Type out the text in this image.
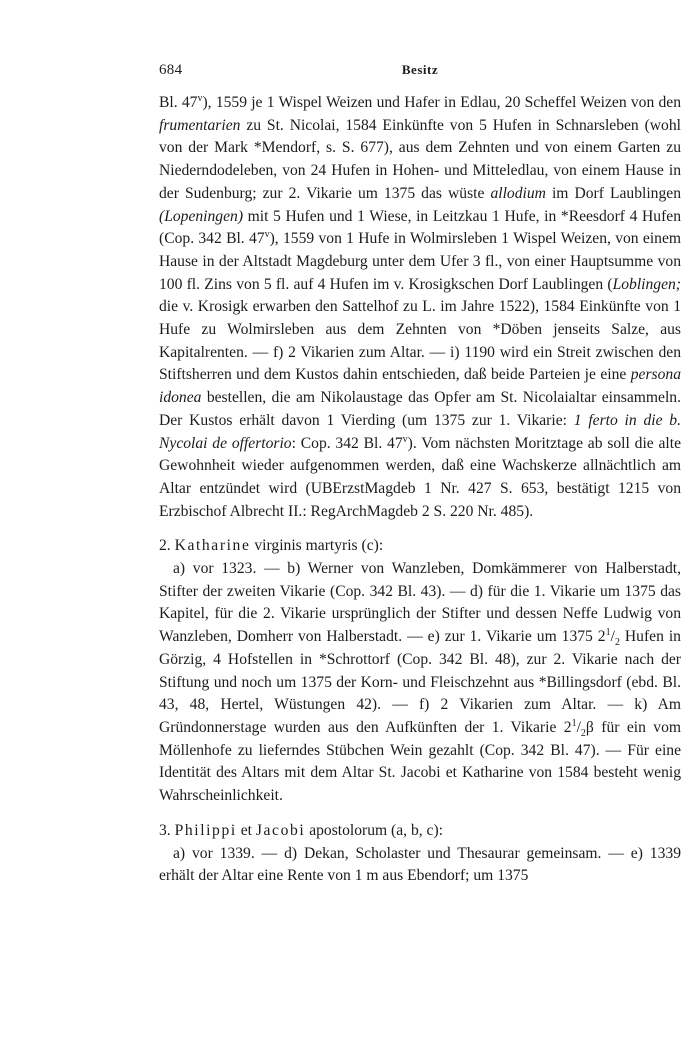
684	Besitz

Bl. 47$^v$), 1559 je 1 Wispel Weizen und Hafer in Edlau, 20 Scheffel Weizen von den frumentarien zu St. Nicolai, 1584 Einkünfte von 5 Hufen in Schnarsleben (wohl von der Mark *Mendorf, s. S. 677), aus dem Zehnten und von einem Garten zu Niederndodeleben, von 24 Hufen in Hohen- und Mitteledlau, von einem Hause in der Sudenburg; zur 2. Vikarie um 1375 das wüste allodium im Dorf Laublingen (Lopeningen) mit 5 Hufen und 1 Wiese, in Leitzkau 1 Hufe, in *Reesdorf 4 Hufen (Cop. 342 Bl. 47$^v$), 1559 von 1 Hufe in Wolmirsleben 1 Wispel Weizen, von einem Hause in der Altstadt Magdeburg unter dem Ufer 3 fl., von einer Hauptsumme von 100 fl. Zins von 5 fl. auf 4 Hufen im v. Krosigkschen Dorf Laublingen (Loblingen; die v. Krosigk erwarben den Sattelhof zu L. im Jahre 1522), 1584 Einkünfte von 1 Hufe zu Wolmirsleben aus dem Zehnten von *Döben jenseits Salze, aus Kapitalrenten. — f) 2 Vikarien zum Altar. — i) 1190 wird ein Streit zwischen den Stiftsherren und dem Kustos dahin entschieden, daß beide Parteien je eine persona idonea bestellen, die am Nikolaustage das Opfer am St. Nicolaialtar einsammeln. Der Kustos erhält davon 1 Vierding (um 1375 zur 1. Vikarie: 1 ferto in die b. Nycolai de offertorio: Cop. 342 Bl. 47$^v$). Vom nächsten Moritztage ab soll die alte Gewohnheit wieder aufgenommen werden, daß eine Wachskerze allnächtlich am Altar entzündet wird (UBErzstMagdeb 1 Nr. 427 S. 653, bestätigt 1215 von Erzbischof Albrecht II.: RegArchMagdeb 2 S. 220 Nr. 485).

2. Katharine virginis martyris (c):

a) vor 1323. — b) Werner von Wanzleben, Domkämmerer von Halberstadt, Stifter der zweiten Vikarie (Cop. 342 Bl. 43). — d) für die 1. Vikarie um 1375 das Kapitel, für die 2. Vikarie ursprünglich der Stifter und dessen Neffe Ludwig von Wanzleben, Domherr von Halberstadt. — e) zur 1. Vikarie um 1375 $2^1/_2$ Hufen in Görzig, 4 Hofstellen in *Schrottorf (Cop. 342 Bl. 48), zur 2. Vikarie nach der Stiftung und noch um 1375 der Korn- und Fleischzehnt aus *Billingsdorf (ebd. Bl. 43, 48, Hertel, Wüstungen 42). — f) 2 Vikarien zum Altar. — k) Am Gründonnerstage wurden aus den Aufkünften der 1. Vikarie $2^1/_2\beta$ für ein vom Möllenhofe zu lieferndes Stübchen Wein gezahlt (Cop. 342 Bl. 47). — Für eine Identität des Altars mit dem Altar St. Jacobi et Katharine von 1584 besteht wenig Wahrscheinlichkeit.

3. Philippi et Jacobi apostolorum (a, b, c):

a) vor 1339. — d) Dekan, Scholaster und Thesaurar gemeinsam. — e) 1339 erhält der Altar eine Rente von 1 m aus Ebendorf; um 1375
